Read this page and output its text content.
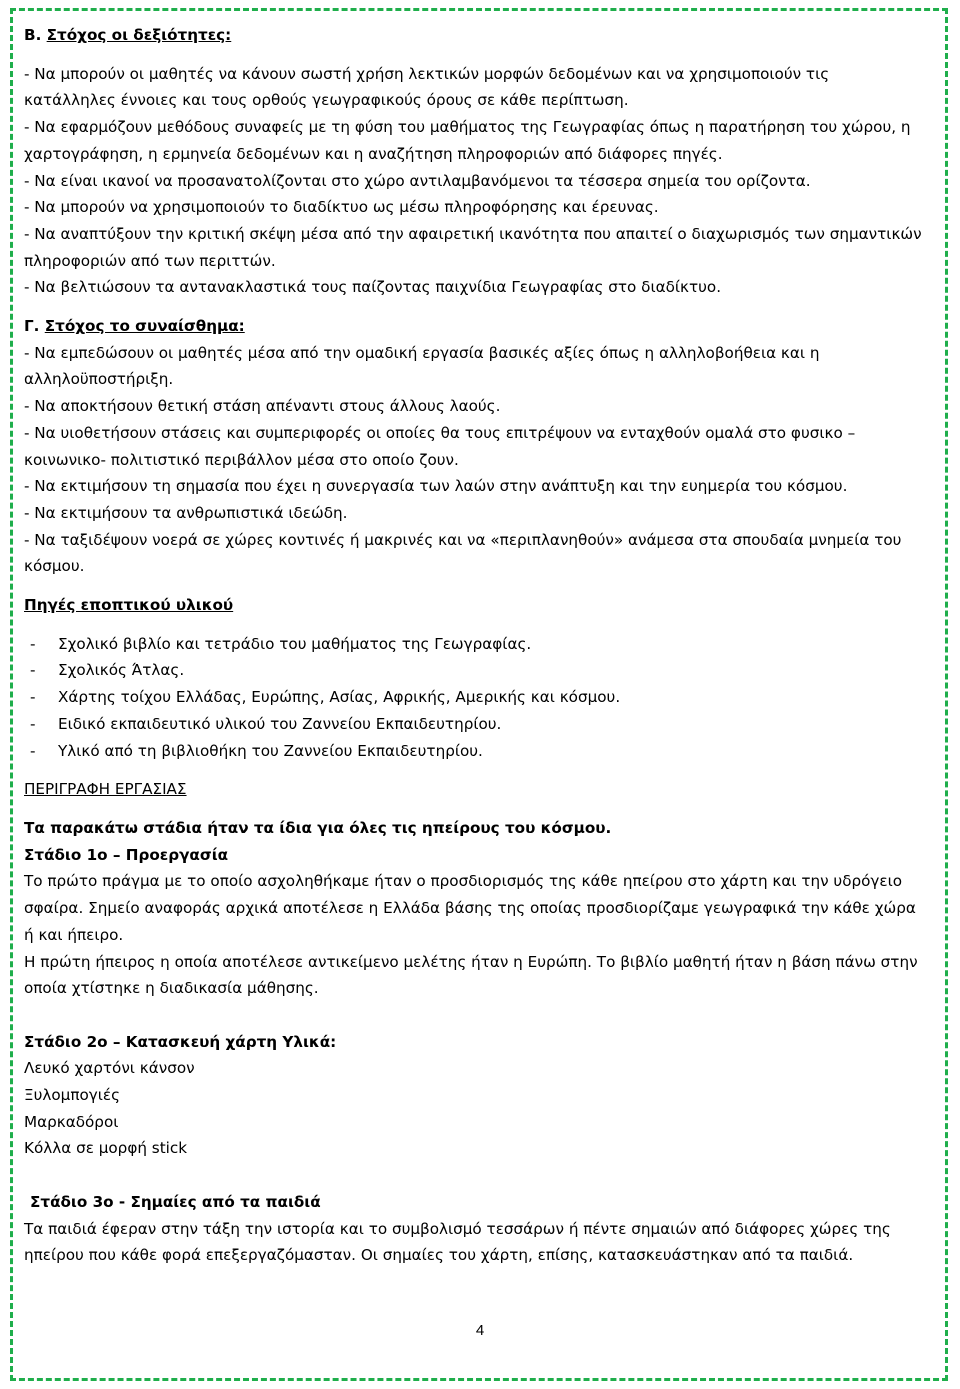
Β. Στόχος οι δεξιότητες:

- Να μπορούν οι μαθητές να κάνουν σωστή χρήση λεκτικών μορφών δεδομένων και να χρησιμοποιούν τις κατάλληλες έννοιες και τους ορθούς γεωγραφικούς όρους σε κάθε περίπτωση.

- Να εφαρμόζουν μεθόδους συναφείς με τη φύση του μαθήματος της Γεωγραφίας όπως η παρατήρηση του χώρου, η χαρτογράφηση, η ερμηνεία δεδομένων και η αναζήτηση πληροφοριών από διάφορες πηγές.

- Να είναι ικανοί να προσανατολίζονται στο χώρο αντιλαμβανόμενοι τα τέσσερα σημεία του ορίζοντα.

- Να μπορούν να χρησιμοποιούν το διαδίκτυο ως μέσω πληροφόρησης και έρευνας.

- Να αναπτύξουν την κριτική σκέψη μέσα από την αφαιρετική ικανότητα που απαιτεί ο διαχωρισμός των σημαντικών πληροφοριών από των περιττών.

- Να βελτιώσουν τα αντανακλαστικά τους παίζοντας παιχνίδια Γεωγραφίας στο διαδίκτυο.

Γ. Στόχος το συναίσθημα:

- Να εμπεδώσουν οι μαθητές μέσα από την ομαδική εργασία βασικές αξίες όπως η αλληλοβοήθεια και η αλληλοϋποστήριξη.

- Να αποκτήσουν θετική στάση απέναντι στους άλλους λαούς.

- Να υιοθετήσουν στάσεις και συμπεριφορές οι οποίες θα τους επιτρέψουν να ενταχθούν ομαλά στο φυσικο – κοινωνικο- πολιτιστικό περιβάλλον μέσα στο οποίο ζουν.

- Να εκτιμήσουν τη σημασία που έχει η συνεργασία των λαών στην ανάπτυξη και την ευημερία του κόσμου.

- Να εκτιμήσουν τα ανθρωπιστικά ιδεώδη.

- Να ταξιδέψουν νοερά σε χώρες κοντινές ή μακρινές και να «περιπλανηθούν» ανάμεσα στα σπουδαία μνημεία του κόσμου.

Πηγές εποπτικού υλικού

-	Σχολικό βιβλίο και τετράδιο του μαθήματος της Γεωγραφίας.
-	Σχολικός Άτλας.
-	Χάρτης τοίχου Ελλάδας, Ευρώπης, Ασίας, Αφρικής, Αμερικής και κόσμου.
-	Ειδικό εκπαιδευτικό υλικού του Ζαννείου Εκπαιδευτηρίου.
-	Υλικό από τη βιβλιοθήκη του Ζαννείου Εκπαιδευτηρίου.

ΠΕΡΙΓΡΑΦΗ ΕΡΓΑΣΙΑΣ

Τα παρακάτω στάδια ήταν τα ίδια για όλες τις ηπείρους του κόσμου.

Στάδιο 1ο – Προεργασία

Το πρώτο πράγμα με το οποίο ασχοληθήκαμε ήταν ο προσδιορισμός της κάθε ηπείρου στο χάρτη και την υδρόγειο σφαίρα. Σημείο αναφοράς αρχικά αποτέλεσε η Ελλάδα βάσης της οποίας προσδιορίζαμε γεωγραφικά την κάθε χώρα ή και ήπειρο.

Η πρώτη ήπειρος η οποία αποτέλεσε αντικείμενο μελέτης ήταν η Ευρώπη. Το βιβλίο μαθητή ήταν η βάση πάνω στην οποία χτίστηκε η διαδικασία μάθησης.

Στάδιο 2ο – Κατασκευή χάρτη Υλικά:

Λευκό χαρτόνι κάνσον

Ξυλομπογιές

Μαρκαδόροι

Κόλλα σε μορφή stick

Στάδιο 3ο - Σημαίες από τα παιδιά

Τα παιδιά έφεραν στην τάξη την ιστορία και το συμβολισμό τεσσάρων ή πέντε σημαιών από διάφορες χώρες της ηπείρου που κάθε φορά επεξεργαζόμασταν. Οι σημαίες του χάρτη, επίσης, κατασκευάστηκαν από τα παιδιά.

4
